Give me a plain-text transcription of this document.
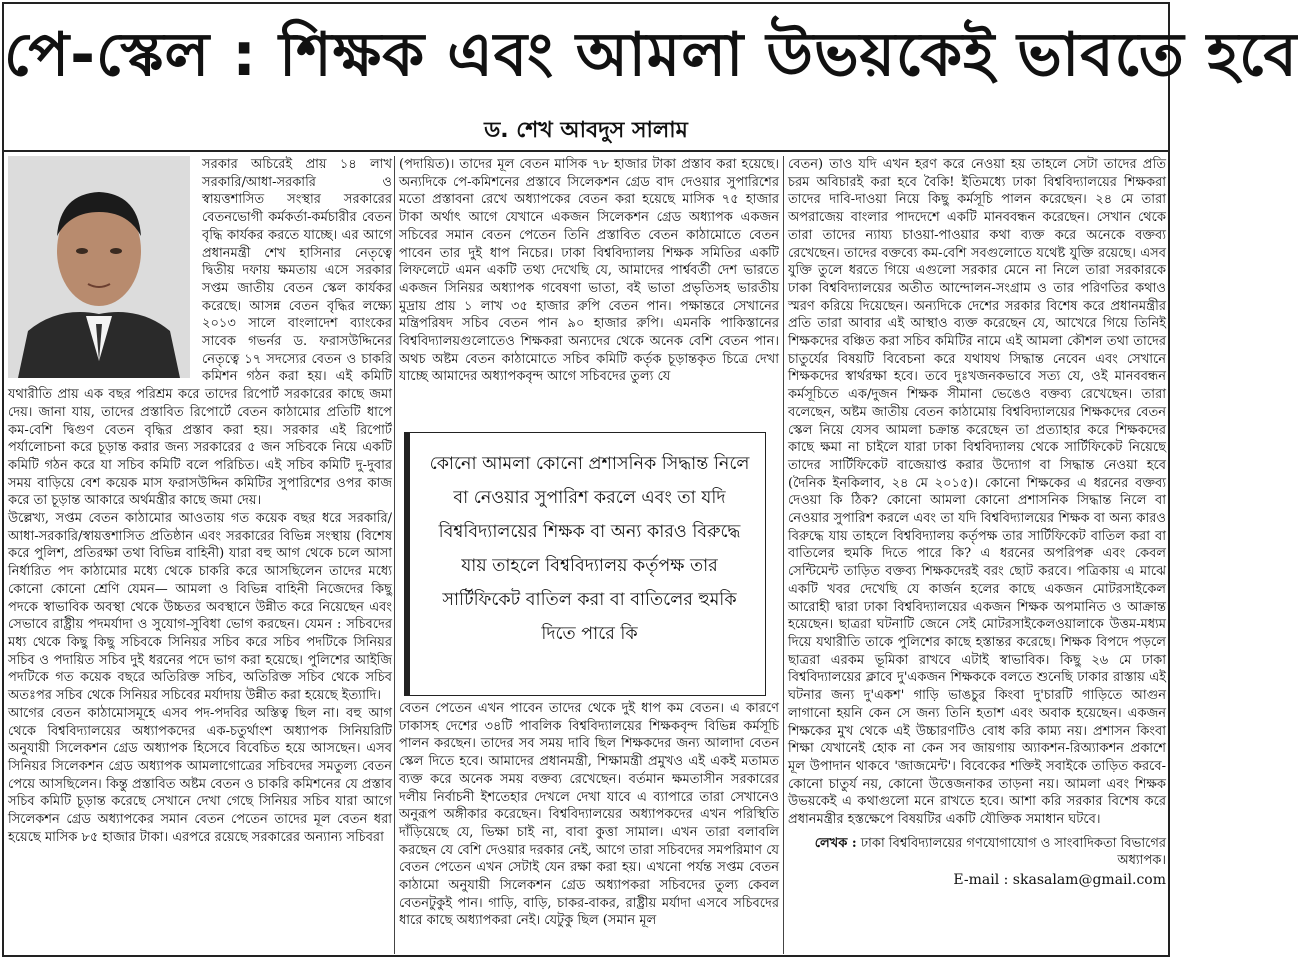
পে-স্কেল : শিক্ষক এবং আমলা উভয়কেই ভাবতে হবে
ড. শেখ আবদুস সালাম

সরকার অচিরেই প্রায় ১৪ লাখ সরকারি/আধা-সরকারি ও স্বায়ত্তশাসিত সংস্থার সরকারের বেতনভোগী কর্মকর্তা-কর্মচারীর বেতন বৃদ্ধি কার্যকর করতে যাচ্ছে। এর আগে প্রধানমন্ত্রী শেখ হাসিনার নেতৃত্বে দ্বিতীয় দফায় ক্ষমতায় এসে সরকার সপ্তম জাতীয় বেতন স্কেল কার্যকর করেছে। আসন্ন বেতন বৃদ্ধির লক্ষ্যে ২০১৩ সালে বাংলাদেশ ব্যাংকের সাবেক গভর্নর ড. ফরাসউদ্দিনের নেতৃত্বে ১৭ সদস্যের বেতন ও চাকরি কমিশন গঠন করা হয়। এই কমিটি যথারীতি প্রায় এক বছর পরিশ্রম করে তাদের রিপোর্ট সরকারের কাছে জমা দেয়। জানা যায়, তাদের প্রস্তাবিত রিপোর্টে বেতন কাঠামোর প্রতিটি ধাপে কম-বেশি দ্বিগুণ বেতন বৃদ্ধির প্রস্তাব করা হয়। সরকার এই রিপোর্ট পর্যালোচনা করে চূড়ান্ত করার জন্য সরকারের ৫ জন সচিবকে নিয়ে একটি কমিটি গঠন করে যা সচিব কমিটি বলে পরিচিত। এই সচিব কমিটি দু-দুবার সময় বাড়িয়ে বেশ কয়েক মাস ফরাসউদ্দিন কমিটির সুপারিশের ওপর কাজ করে তা চূড়ান্ত আকারে অর্থমন্ত্রীর কাছে জমা দেয়।

উল্লেখ্য, সপ্তম বেতন কাঠামোর আওতায় গত কয়েক বছর ধরে সরকারি/আধা-সরকারি/স্বায়ত্তশাসিত প্রতিষ্ঠান এবং সরকারের বিভিন্ন সংস্থায় (বিশেষ করে পুলিশ, প্রতিরক্ষা তথা বিভিন্ন বাহিনী) যারা বহু আগ থেকে চলে আসা নির্ধারিত পদ কাঠামোর মধ্যে থেকে চাকরি করে আসছিলেন তাদের মধ্যে কোনো কোনো শ্রেণি যেমন— আমলা ও বিভিন্ন বাহিনী নিজেদের কিছু পদকে স্বাভাবিক অবস্থা থেকে উচ্চতর অবস্থানে উন্নীত করে নিয়েছেন এবং সেভাবে রাষ্ট্রীয় পদমর্যাদা ও সুযোগ-সুবিধা ভোগ করছেন। যেমন : সচিবদের মধ্য থেকে কিছু কিছু সচিবকে সিনিয়র সচিব করে সচিব পদটিকে সিনিয়র সচিব ও পদায়িত সচিব দুই ধরনের পদে ভাগ করা হয়েছে। পুলিশের আইজি পদটিকে গত কয়েক বছরে অতিরিক্ত সচিব, অতিরিক্ত সচিব থেকে সচিব অতঃপর সচিব থেকে সিনিয়র সচিবের মর্যাদায় উন্নীত করা হয়েছে ইত্যাদি।

আগের বেতন কাঠামোসমূহে এসব পদ-পদবির অস্তিত্ব ছিল না। বহু আগ থেকে বিশ্ববিদ্যালয়ের অধ্যাপকদের এক-চতুর্থাংশ অধ্যাপক সিনিয়রিটি অনুযায়ী সিলেকশন গ্রেড অধ্যাপক হিসেবে বিবেচিত হয়ে আসছেন। এসব সিনিয়র সিলেকশন গ্রেড অধ্যাপক আমলাগোত্রের সচিবদের সমতুল্য বেতন পেয়ে আসছিলেন। কিন্তু প্রস্তাবিত অষ্টম বেতন ও চাকরি কমিশনের যে প্রস্তাব সচিব কমিটি চূড়ান্ত করেছে সেখানে দেখা গেছে সিনিয়র সচিব যারা আগে সিলেকশন গ্রেড অধ্যাপকের সমান বেতন পেতেন তাদের মূল বেতন ধরা হয়েছে মাসিক ৮৫ হাজার টাকা। এরপরে রয়েছে সরকারের অন্যান্য সচিবরা

(পদায়িত)। তাদের মূল বেতন মাসিক ৭৮ হাজার টাকা প্রস্তাব করা হয়েছে। অন্যদিকে পে-কমিশনের প্রস্তাবে সিলেকশন গ্রেড বাদ দেওয়ার সুপারিশের মতো প্রস্তাবনা রেখে অধ্যাপকের বেতন করা হয়েছে মাসিক ৭৫ হাজার টাকা অর্থাৎ আগে যেখানে একজন সিলেকশন গ্রেড অধ্যাপক একজন সচিবের সমান বেতন পেতেন তিনি প্রস্তাবিত বেতন কাঠামোতে বেতন পাবেন তার দুই ধাপ নিচের। ঢাকা বিশ্ববিদ্যালয় শিক্ষক সমিতির একটি লিফলেটে এমন একটি তথ্য দেখেছি যে, আমাদের পার্শ্ববর্তী দেশ ভারতে একজন সিনিয়র অধ্যাপক গবেষণা ভাতা, বই ভাতা প্রভৃতিসহ ভারতীয় মুদ্রায় প্রায় ১ লাখ ৩৫ হাজার রুপি বেতন পান। পক্ষান্তরে সেখানের মন্ত্রিপরিষদ সচিব বেতন পান ৯০ হাজার রুপি। এমনকি পাকিস্তানের বিশ্ববিদ্যালয়গুলোতেও শিক্ষকরা অন্যদের থেকে অনেক বেশি বেতন পান। অথচ অষ্টম বেতন কাঠামোতে সচিব কমিটি কর্তৃক চূড়ান্তকৃত চিত্রে দেখা যাচ্ছে আমাদের অধ্যাপকবৃন্দ আগে সচিবদের তুল্য যে

বেতন পেতেন এখন পাবেন তাদের থেকে দুই ধাপ কম বেতন। এ কারণে ঢাকাসহ দেশের ৩৪টি পাবলিক বিশ্ববিদ্যালয়ের শিক্ষকবৃন্দ বিভিন্ন কর্মসূচি পালন করছেন। তাদের সব সময় দাবি ছিল শিক্ষকদের জন্য আলাদা বেতন স্কেল দিতে হবে। আমাদের প্রধানমন্ত্রী, শিক্ষামন্ত্রী প্রমুখও এই একই মতামত ব্যক্ত করে অনেক সময় বক্তব্য রেখেছেন। বর্তমান ক্ষমতাসীন সরকারের দলীয় নির্বাচনী ইশতেহার দেখলে দেখা যাবে এ ব্যাপারে তারা সেখানেও অনুরূপ অঙ্গীকার করেছেন। বিশ্ববিদ্যালয়ের অধ্যাপকদের এখন পরিস্থিতি দাঁড়িয়েছে যে, ভিক্ষা চাই না, বাবা কুত্তা সামাল। এখন তারা বলাবলি করছেন যে বেশি দেওয়ার দরকার নেই, আগে তারা সচিবদের সমপরিমাণ যে বেতন পেতেন এখন সেটাই যেন রক্ষা করা হয়। এখনো পর্যন্ত সপ্তম বেতন কাঠামো অনুযায়ী সিলেকশন গ্রেড অধ্যাপকরা সচিবদের তুল্য কেবল বেতনটুকুই পান। গাড়ি, বাড়ি, চাকর-বাকর, রাষ্ট্রীয় মর্যাদা এসবে সচিবদের ধারে কাছে অধ্যাপকরা নেই। যেটুকু ছিল (সমান মূল

কোনো আমলা কোনো প্রশাসনিক সিদ্ধান্ত নিলে বা নেওয়ার সুপারিশ করলে এবং তা যদি বিশ্ববিদ্যালয়ের শিক্ষক বা অন্য কারও বিরুদ্ধে যায় তাহলে বিশ্ববিদ্যালয় কর্তৃপক্ষ তার সার্টিফিকেট বাতিল করা বা বাতিলের হুমকি দিতে পারে কি

বেতন) তাও যদি এখন হরণ করে নেওয়া হয় তাহলে সেটা তাদের প্রতি চরম অবিচারই করা হবে বৈকি! ইতিমধ্যে ঢাকা বিশ্ববিদ্যালয়ের শিক্ষকরা তাদের দাবি-দাওয়া নিয়ে কিছু কর্মসূচি পালন করেছেন। ২৪ মে তারা অপরাজেয় বাংলার পাদদেশে একটি মানববন্ধন করেছেন। সেখান থেকে তারা তাদের ন্যায্য চাওয়া-পাওয়ার কথা ব্যক্ত করে অনেকে বক্তব্য রেখেছেন। তাদের বক্তব্যে কম-বেশি সবগুলোতে যথেষ্ট যুক্তি রয়েছে। এসব যুক্তি তুলে ধরতে গিয়ে এগুলো সরকার মেনে না নিলে তারা সরকারকে ঢাকা বিশ্ববিদ্যালয়ের অতীত আন্দোলন-সংগ্রাম ও তার পরিণতির কথাও স্মরণ করিয়ে দিয়েছেন। অন্যদিকে দেশের সরকার বিশেষ করে প্রধানমন্ত্রীর প্রতি তারা আবার এই আস্থাও ব্যক্ত করেছেন যে, আখেরে গিয়ে তিনিই শিক্ষকদের বঞ্চিত করা সচিব কমিটির নামে এই আমলা কৌশল তথা তাদের চাতুর্যের বিষয়টি বিবেচনা করে যথাযথ সিদ্ধান্ত নেবেন এবং সেখানে শিক্ষকদের স্বার্থরক্ষা হবে। তবে দুঃখজনকভাবে সত্য যে, ওই মানববন্ধন কর্মসূচিতে এক/দুজন শিক্ষক সীমানা ভেঙেও বক্তব্য রেখেছেন। তারা বলেছেন, অষ্টম জাতীয় বেতন কাঠামোয় বিশ্ববিদ্যালয়ের শিক্ষকদের বেতন স্কেল নিয়ে যেসব আমলা চক্রান্ত করেছেন তা প্রত্যাহার করে শিক্ষকদের কাছে ক্ষমা না চাইলে যারা ঢাকা বিশ্ববিদ্যালয় থেকে সার্টিফিকেট নিয়েছে তাদের সার্টিফিকেট বাজেয়াপ্ত করার উদ্যোগ বা সিদ্ধান্ত নেওয়া হবে (দৈনিক ইনকিলাব, ২৪ মে ২০১৫)। কোনো শিক্ষকের এ ধরনের বক্তব্য দেওয়া কি ঠিক? কোনো আমলা কোনো প্রশাসনিক সিদ্ধান্ত নিলে বা নেওয়ার সুপারিশ করলে এবং তা যদি বিশ্ববিদ্যালয়ের শিক্ষক বা অন্য কারও বিরুদ্ধে যায় তাহলে বিশ্ববিদ্যালয় কর্তৃপক্ষ তার সার্টিফিকেট বাতিল করা বা বাতিলের হুমকি দিতে পারে কি? এ ধরনের অপরিপক্ব এবং কেবল সেন্টিমেন্ট তাড়িত বক্তব্য শিক্ষকদেরই বরং ছোট করবে। পত্রিকায় এ মাঝে একটি খবর দেখেছি যে কার্জন হলের কাছে একজন মোটরসাইকেল আরোহী দ্বারা ঢাকা বিশ্ববিদ্যালয়ের একজন শিক্ষক অপমানিত ও আক্রান্ত হয়েছেন। ছাত্ররা ঘটনাটি জেনে সেই মোটরসাইকেলওয়ালাকে উত্তম-মধ্যম দিয়ে যথারীতি তাকে পুলিশের কাছে হস্তান্তর করেছে। শিক্ষক বিপদে পড়লে ছাত্ররা এরকম ভূমিকা রাখবে এটাই স্বাভাবিক। কিছু ২৬ মে ঢাকা বিশ্ববিদ্যালয়ের ক্লাবে দু'একজন শিক্ষককে বলতে শুনেছি ঢাকার রাস্তায় এই ঘটনার জন্য দু'একশ' গাড়ি ভাঙচুর কিংবা দু'চারটি গাড়িতে আগুন লাগানো হয়নি কেন সে জন্য তিনি হতাশ এবং অবাক হয়েছেন। একজন শিক্ষকের মুখ থেকে এই উচ্চারণটিও বোধ করি কাম্য নয়। প্রশাসন কিংবা শিক্ষা যেখানেই হোক না কেন সব জায়গায় অ্যাকশন-রিঅ্যাকশন প্রকাশে মূল উপাদান থাকবে 'জাজমেন্ট'। বিবেকের শক্তিই সবাইকে তাড়িত করবে-কোনো চাতুর্য নয়, কোনো উত্তেজনাকর তাড়না নয়। আমলা এবং শিক্ষক উভয়কেই এ কথাগুলো মনে রাখতে হবে। আশা করি সরকার বিশেষ করে প্রধানমন্ত্রীর হস্তক্ষেপে বিষয়টির একটি যৌক্তিক সমাধান ঘটবে।

লেখক : ঢাকা বিশ্ববিদ্যালয়ের গণযোগাযোগ ও সাংবাদিকতা বিভাগের অধ্যাপক।
E-mail : skasalam@gmail.com
